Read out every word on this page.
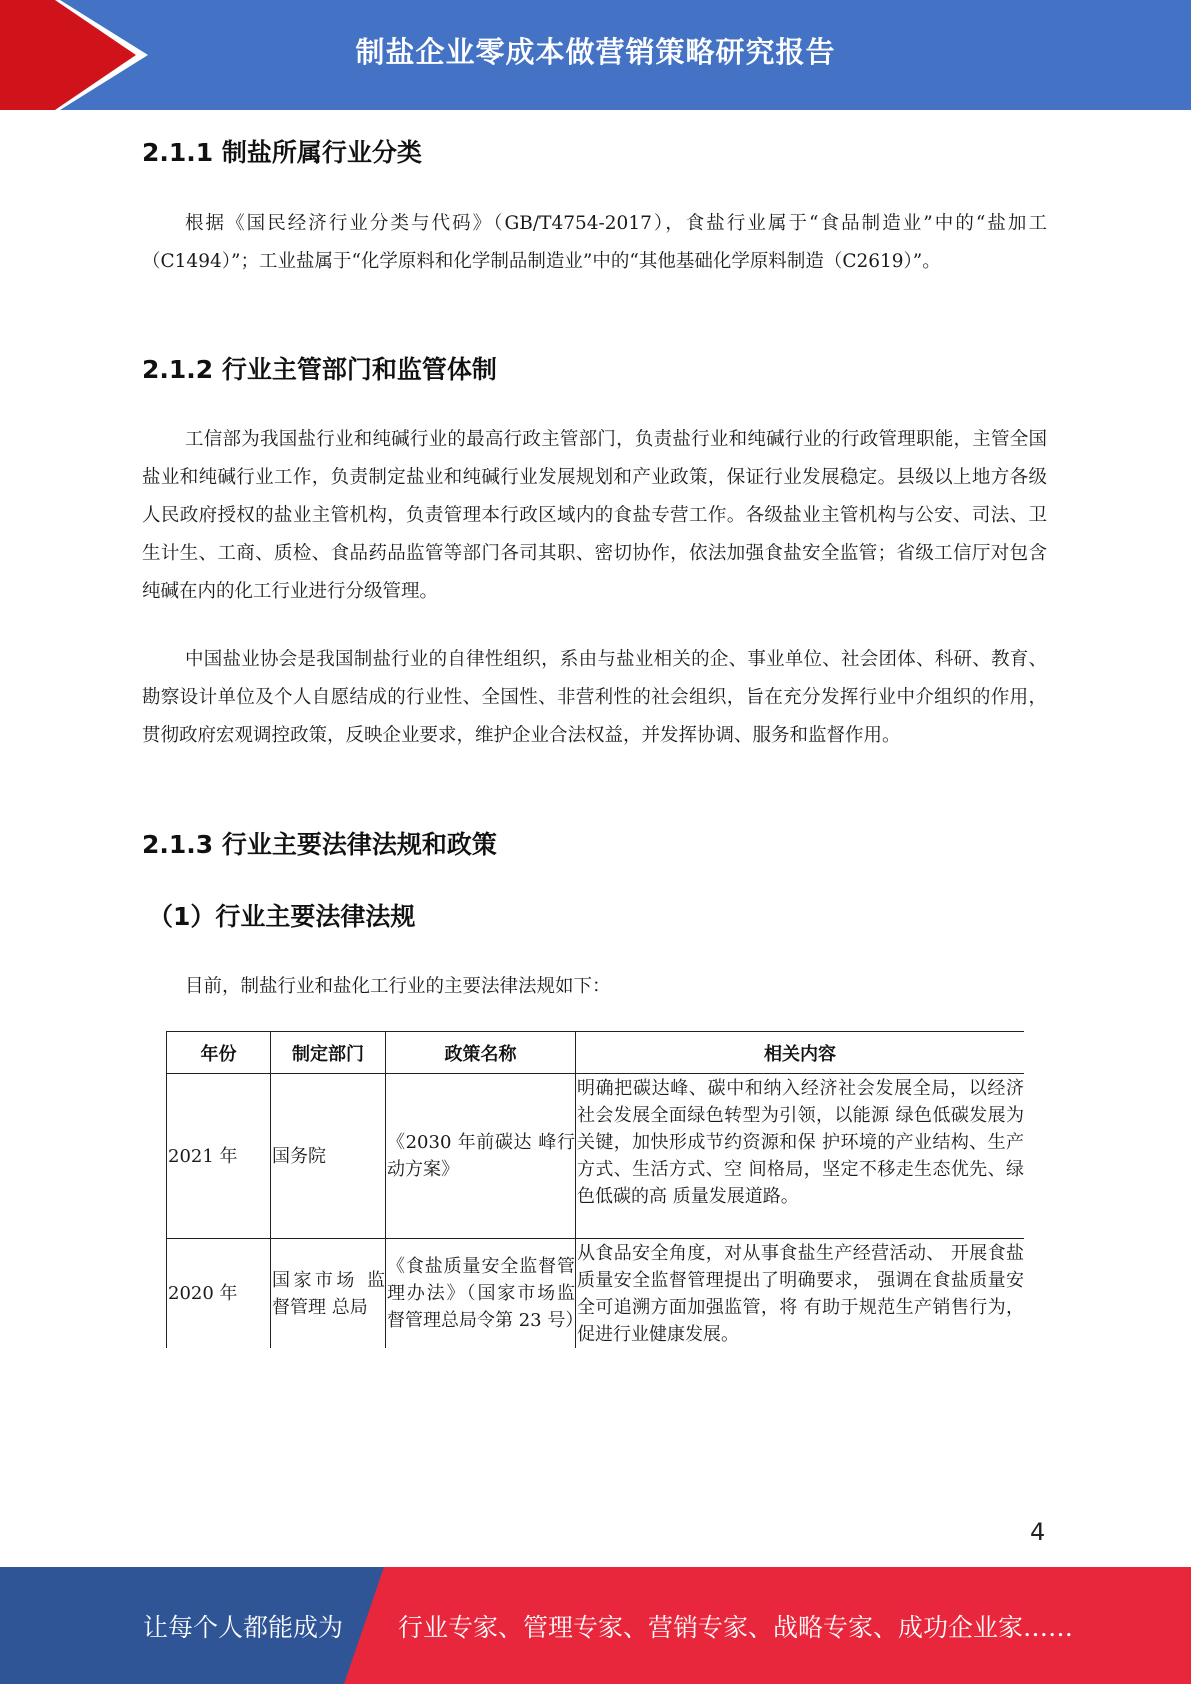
制盐企业零成本做营销策略研究报告
2.1.1 制盐所属行业分类

根据《国民经济行业分类与代码》（GB/T4754-2017），食盐行业属于“食品制造业”中的“盐加工（C1494）”；工业盐属于“化学原料和化学制品制造业”中的“其他基础化学原料制造（C2619）”。

2.1.2 行业主管部门和监管体制

工信部为我国盐行业和纯碱行业的最高行政主管部门，负责盐行业和纯碱行业的行政管理职能，主管全国盐业和纯碱行业工作，负责制定盐业和纯碱行业发展规划和产业政策，保证行业发展稳定。县级以上地方各级人民政府授权的盐业主管机构，负责管理本行政区域内的食盐专营工作。各级盐业主管机构与公安、司法、卫生计生、工商、质检、食品药品监管等部门各司其职、密切协作，依法加强食盐安全监管；省级工信厅对包含纯碱在内的化工行业进行分级管理。

中国盐业协会是我国制盐行业的自律性组织，系由与盐业相关的企、事业单位、社会团体、科研、教育、勘察设计单位及个人自愿结成的行业性、全国性、非营利性的社会组织，旨在充分发挥行业中介组织的作用，贯彻政府宏观调控政策，反映企业要求，维护企业合法权益，并发挥协调、服务和监督作用。

2.1.3 行业主要法律法规和政策
（1）行业主要法律法规

目前，制盐行业和盐化工行业的主要法律法规如下：

年份	制定部门	政策名称	相关内容
2021 年	国务院	《2030 年前碳达 峰行动方案》	明确把碳达峰、碳中和纳入经济社会发展全局，以经济社会发展全面绿色转型为引领，以能源 绿色低碳发展为关键，加快形成节约资源和保 护环境的产业结构、生产方式、生活方式、空 间格局，坚定不移走生态优先、绿色低碳的高 质量发展道路。
2020 年	国家市场 监督管理 总局	《食盐质量安全监督管理办法》（国家市场监督管理总局令第 23 号）	从食品安全角度，对从事食盐生产经营活动、 开展食盐质量安全监督管理提出了明确要求， 强调在食盐质量安全可追溯方面加强监管，将 有助于规范生产销售行为，促进行业健康发展。
4
让每个人都能成为 行业专家、管理专家、营销专家、战略专家、成功企业家……
